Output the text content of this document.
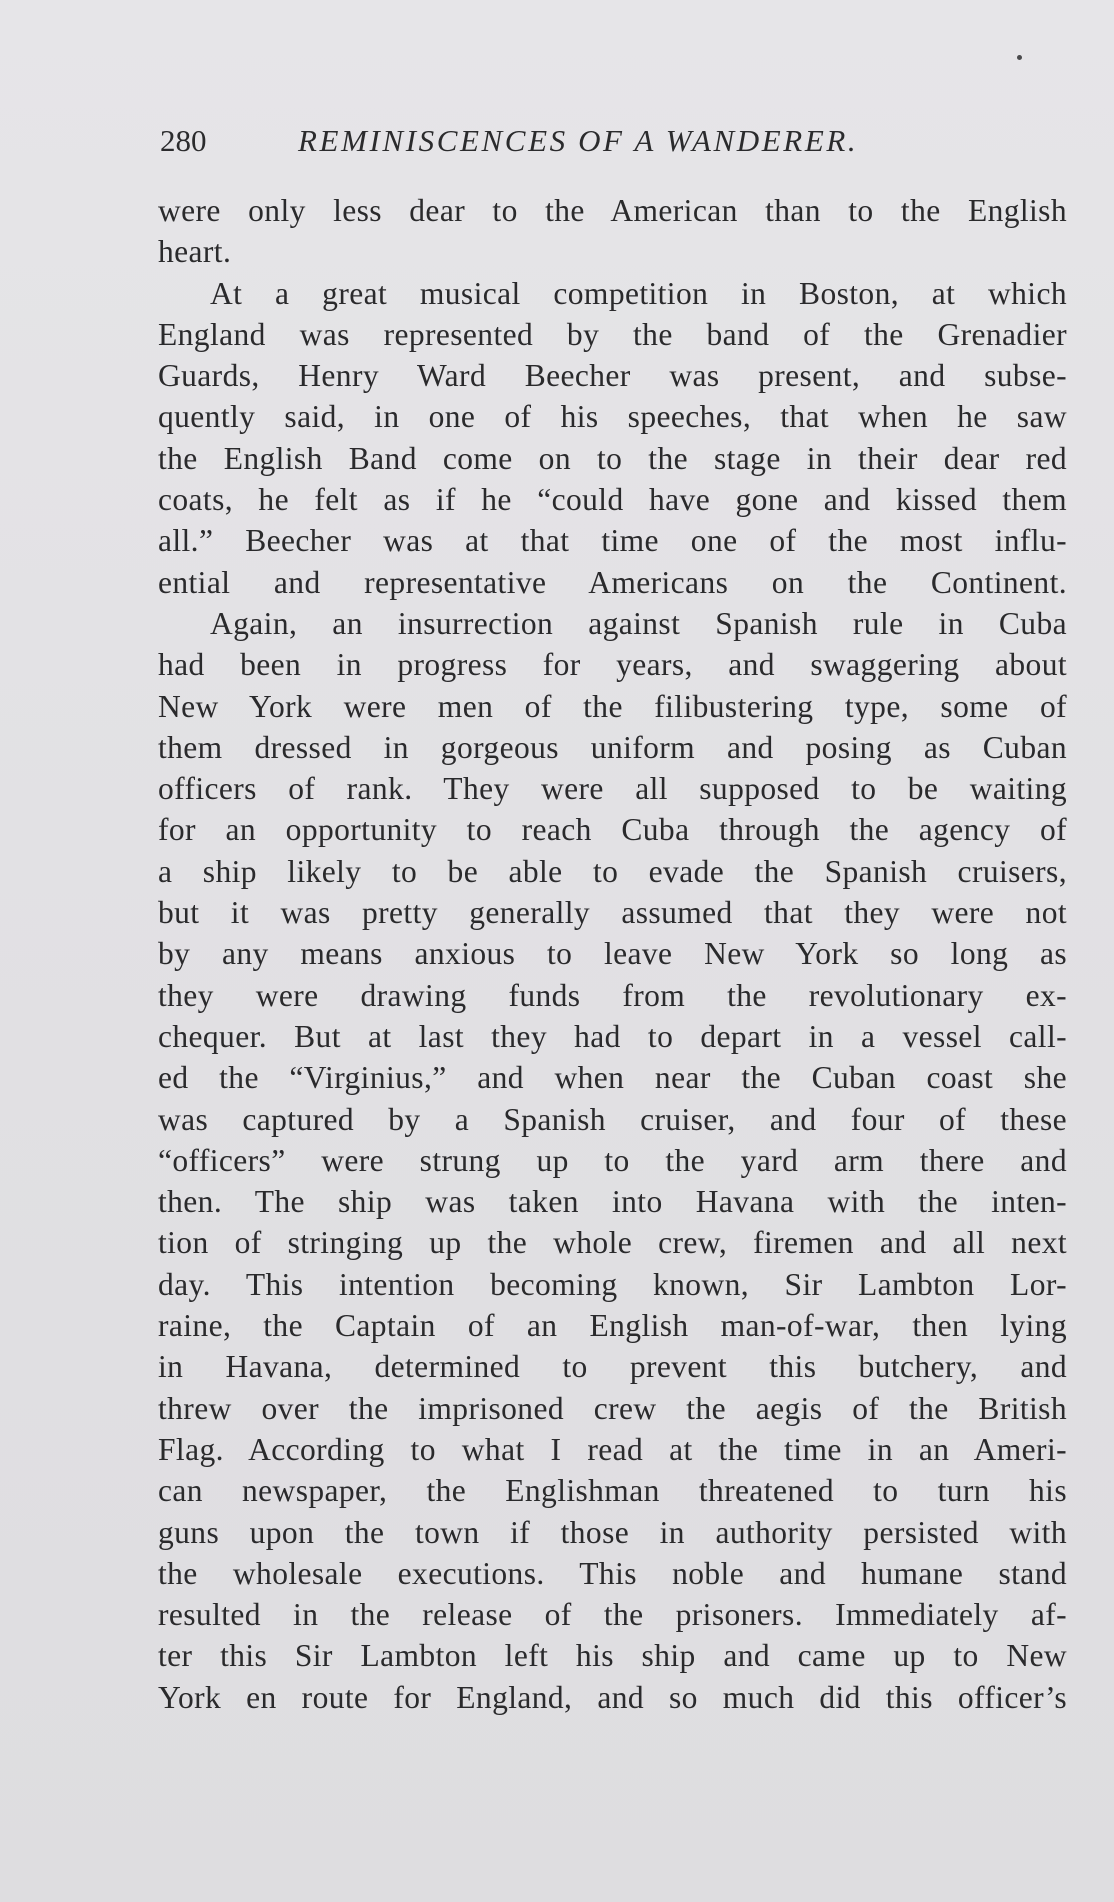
280	REMINISCENCES OF A WANDERER.
were only less dear to the American than to the English
heart.
At a great musical competition in Boston, at which
England was represented by the band of the Grenadier
Guards, Henry Ward Beecher was present, and subse-
quently said, in one of his speeches, that when he saw
the English Band come on to the stage in their dear red
coats, he felt as if he “could have gone and kissed them
all.” Beecher was at that time one of the most influ-
ential and representative Americans on the Continent.
Again, an insurrection against Spanish rule in Cuba
had been in progress for years, and swaggering about
New York were men of the filibustering type, some of
them dressed in gorgeous uniform and posing as Cuban
officers of rank. They were all supposed to be waiting
for an opportunity to reach Cuba through the agency of
a ship likely to be able to evade the Spanish cruisers,
but it was pretty generally assumed that they were not
by any means anxious to leave New York so long as
they were drawing funds from the revolutionary ex-
chequer. But at last they had to depart in a vessel call-
ed the “Virginius,” and when near the Cuban coast she
was captured by a Spanish cruiser, and four of these
“officers” were strung up to the yard arm there and
then. The ship was taken into Havana with the inten-
tion of stringing up the whole crew, firemen and all next
day. This intention becoming known, Sir Lambton Lor-
raine, the Captain of an English man-of-war, then lying
in Havana, determined to prevent this butchery, and
threw over the imprisoned crew the aegis of the British
Flag. According to what I read at the time in an Ameri-
can newspaper, the Englishman threatened to turn his
guns upon the town if those in authority persisted with
the wholesale executions. This noble and humane stand
resulted in the release of the prisoners. Immediately af-
ter this Sir Lambton left his ship and came up to New
York en route for England, and so much did this officer’s
